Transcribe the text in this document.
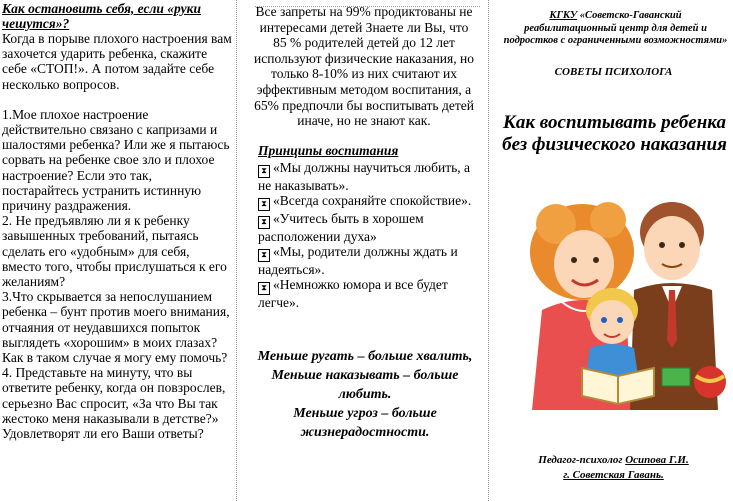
Как остановить себя, если «руки чешутся»?

Когда в порыве плохого настроения вам захочется ударить ребенка, скажите себе «СТОП!». А потом задайте себе несколько вопросов.

1.Мое плохое настроение действительно связано с капризами и шалостями ребенка? Или же я пытаюсь сорвать на ребенке свое зло и плохое настроение? Если это так, постарайтесь устранить истинную причину раздражения.

2. Не предъявляю ли я к ребенку завышенных требований, пытаясь сделать его «удобным» для себя, вместо того, чтобы прислушаться к его желаниям?

3.Что скрывается за непослушанием ребенка – бунт против моего внимания, отчаяния от неудавшихся попыток выглядеть «хорошим» в моих глазах? Как в таком случае я могу ему помочь?

4. Представьте на минуту, что вы ответите ребенку, когда он повзрослев, серьезно Вас спросит, «За что Вы так жестоко меня наказывали в детстве?» Удовлетворят ли его Ваши ответы?

Все запреты на 99% продиктованы не интересами детей Знаете ли Вы, что 85 % родителей детей до 12 лет используют физические наказания, но только 8-10% из них считают их эффективным методом воспитания, а 65% предпочли бы воспитывать детей иначе, но не знают как.

Принципы воспитания

⧗ «Мы должны научиться любить, а не наказывать».

⧗ «Всегда сохраняйте спокойствие».

⧗ «Учитесь быть в хорошем расположении духа»

⧗ «Мы, родители должны ждать и надеяться».

⧗ «Немножко юмора и все будет легче».

Меньше ругать – больше хвалить,
Меньше наказывать – больше любить.
Меньше угроз – больше жизнерадостности.

КГКУ «Советско-Гаванский реабилитационный центр для детей и подростков с ограниченными возможностями»

СОВЕТЫ ПСИХОЛОГА

Как воспитывать ребенка без физического наказания

Педагог-психолог Осипова Г.И.
г. Советская Гавань.
